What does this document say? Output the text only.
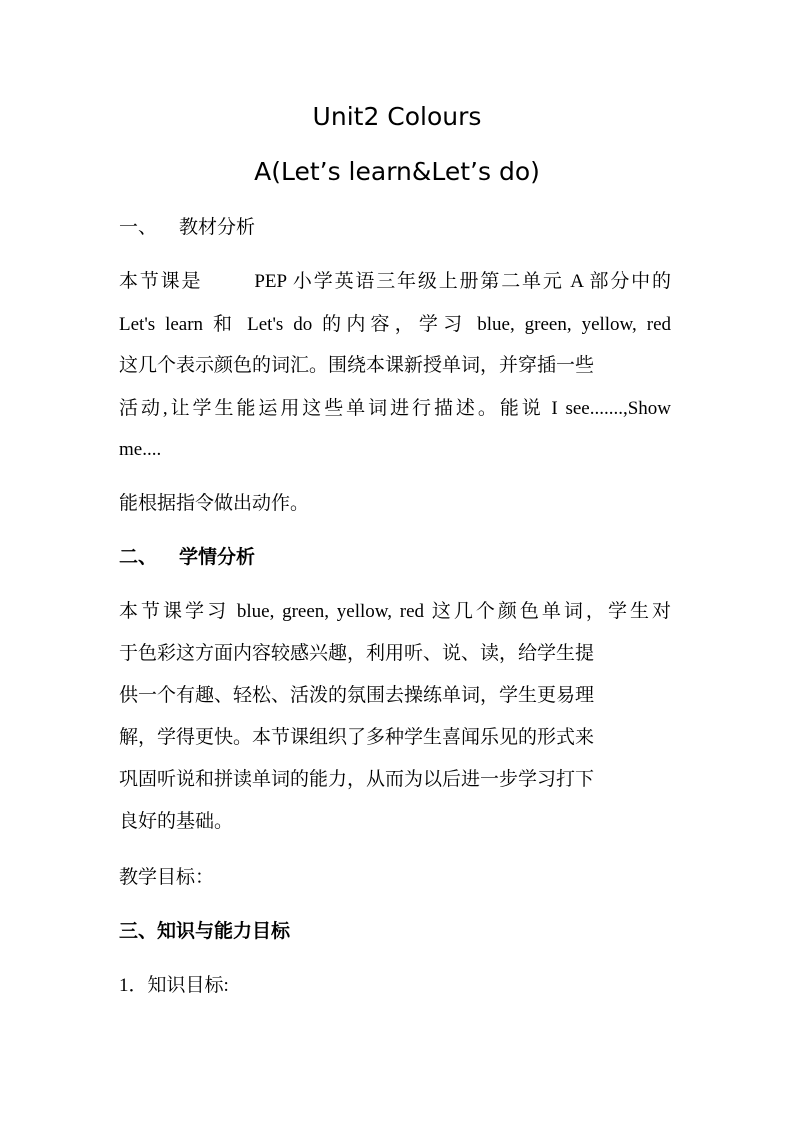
Unit2 Colours
A(Let’s learn&Let’s do)
一、 教材分析
本节课是	PEP 小学英语三年级上册第二单元 A 部分中的
Let's learn 和 Let's do 的内容，学习 blue, green, yellow, red
这几个表示颜色的词汇。围绕本课新授单词，并穿插一些
活动,让学生能运用这些单词进行描述。能说 I see.......,Show
me....
能根据指令做出动作。
二、 学情分析
本节课学习 blue, green, yellow, red 这几个颜色单词，学生对
于色彩这方面内容较感兴趣，利用听、说、读，给学生提
供一个有趣、轻松、活泼的氛围去操练单词，学生更易理
解，学得更快。本节课组织了多种学生喜闻乐见的形式来
巩固听说和拼读单词的能力，从而为以后进一步学习打下
良好的基础。
教学目标：
三、知识与能力目标
1．知识目标:
